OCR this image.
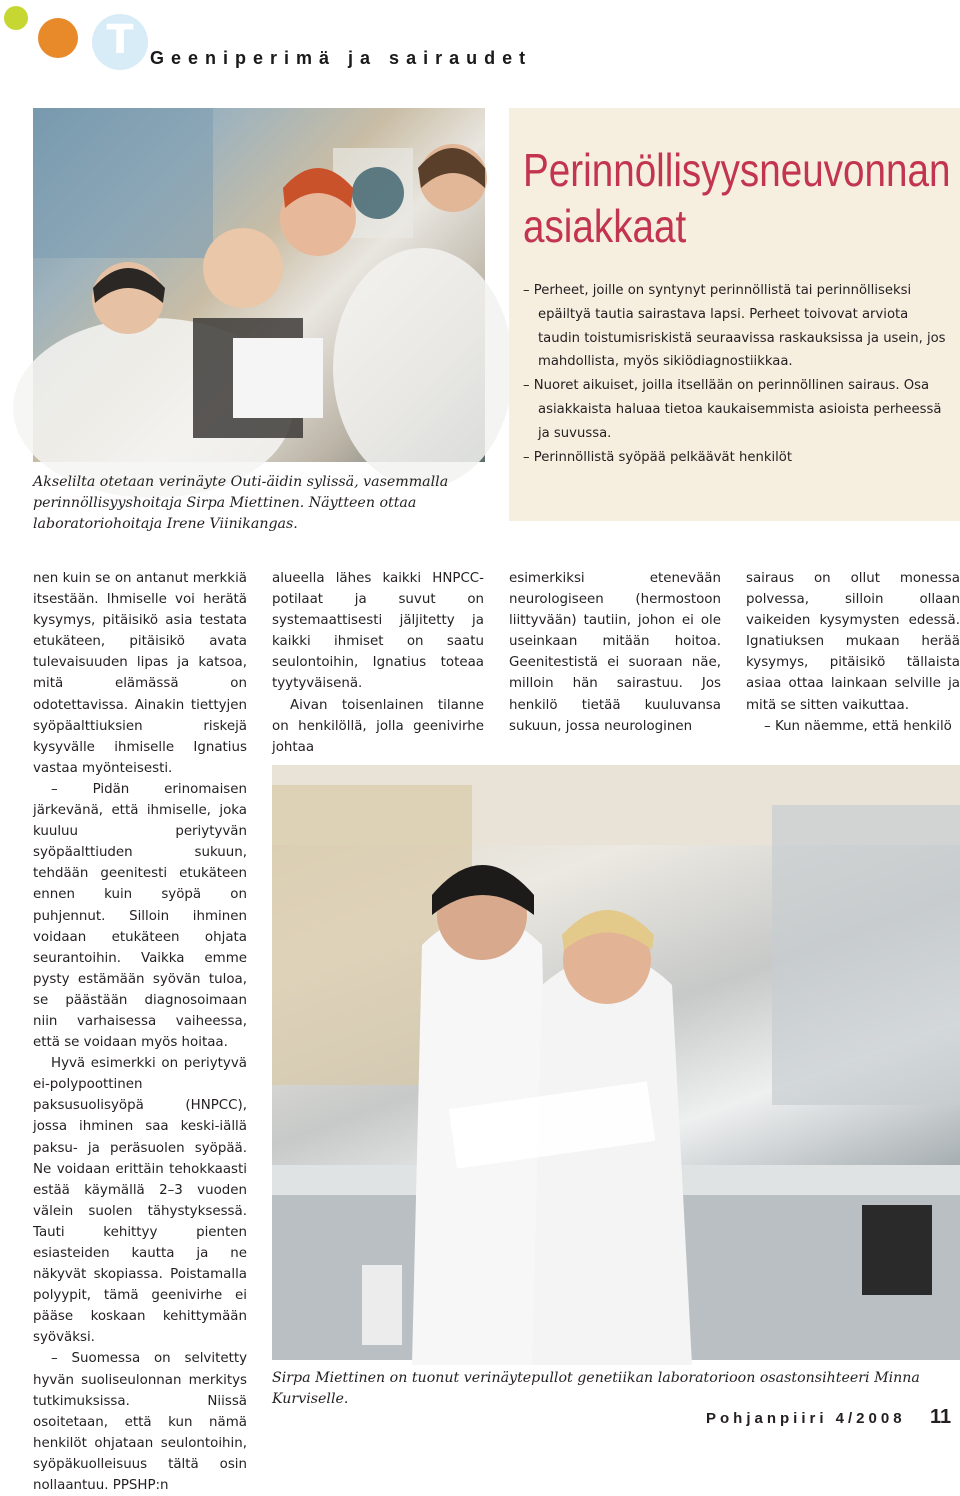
T Geeniperimä ja sairaudet
Akselilta otetaan verinäyte Outi-äidin sylissä, vasemmalla perinnöllisyyshoitaja Sirpa Miettinen. Näytteen ottaa laboratoriohoitaja Irene Viinikangas.
Perinnöllisyysneuvonnan
asiakkaat
– Perheet, joille on syntynyt perinnöllistä tai perinnölliseksi epäiltyä tautia sairastava lapsi. Perheet toivovat arviota taudin toistumisriskistä seuraavissa raskauksissa ja usein, jos mahdollista, myös sikiödiagnostiikkaa.
– Nuoret aikuiset, joilla itsellään on perinnöllinen sairaus. Osa asiakkaista haluaa tietoa kaukaisemmista asioista perheessä ja suvussa.
– Perinnöllistä syöpää pelkäävät henkilöt

nen kuin se on antanut merkkiä itsestään. Ihmiselle voi herätä kysymys, pitäisikö asia testata etukäteen, pitäisikö avata tulevaisuuden lipas ja katsoa, mitä elämässä on odotettavissa. Ainakin tiettyjen syöpäalttiuksien riskejä kysyvälle ihmiselle Ignatius vastaa myönteisesti.

– Pidän erinomaisen järkevänä, että ihmiselle, joka kuuluu periytyvän syöpäalttiuden sukuun, tehdään geenitesti etukäteen ennen kuin syöpä on puhjennut. Silloin ihminen voidaan etukäteen ohjata seurantoihin. Vaikka emme pysty estämään syövän tuloa, se päästään diagnosoimaan niin varhaisessa vaiheessa, että se voidaan myös hoitaa.

Hyvä esimerkki on periytyvä ei-polypoottinen paksusuolisyöpä (HNPCC), jossa ihminen saa keski-iällä paksu- ja peräsuolen syöpää. Ne voidaan erittäin tehokkaasti estää käymällä 2–3 vuoden välein suolen tähystyksessä. Tauti kehittyy pienten esiasteiden kautta ja ne näkyvät skopiassa. Poistamalla polyypit, tämä geenivirhe ei pääse koskaan kehittymään syöväksi.

– Suomessa on selvitetty hyvän suoliseulonnan merkitys tutkimuksissa. Niissä osoitetaan, että kun nämä henkilöt ohjataan seulontoihin, syöpäkuolleisuus tältä osin nollaantuu. PPSHP:n

alueella lähes kaikki HNPCC-potilaat ja suvut on systemaattisesti jäljitetty ja kaikki ihmiset on saatu seulontoihin, Ignatius toteaa tyytyväisenä.

Aivan toisenlainen tilanne on henkilöllä, jolla geenivirhe johtaa

esimerkiksi etenevään neurologiseen (hermostoon liittyvään) tautiin, johon ei ole useinkaan mitään hoitoa. Geenitestistä ei suoraan näe, milloin hän sairastuu. Jos henkilö tietää kuuluvansa sukuun, jossa neurologinen

sairaus on ollut monessa polvessa, silloin ollaan vaikeiden kysymysten edessä. Ignatiuksen mukaan herää kysymys, pitäisikö tällaista asiaa ottaa lainkaan selville ja mitä se sitten vaikuttaa.

– Kun näemme, että henkilö

Sirpa Miettinen on tuonut verinäytepullot genetiikan laboratorioon osastonsihteeri Minna Kurviselle.
Pohjanpiiri 4/2008 11
